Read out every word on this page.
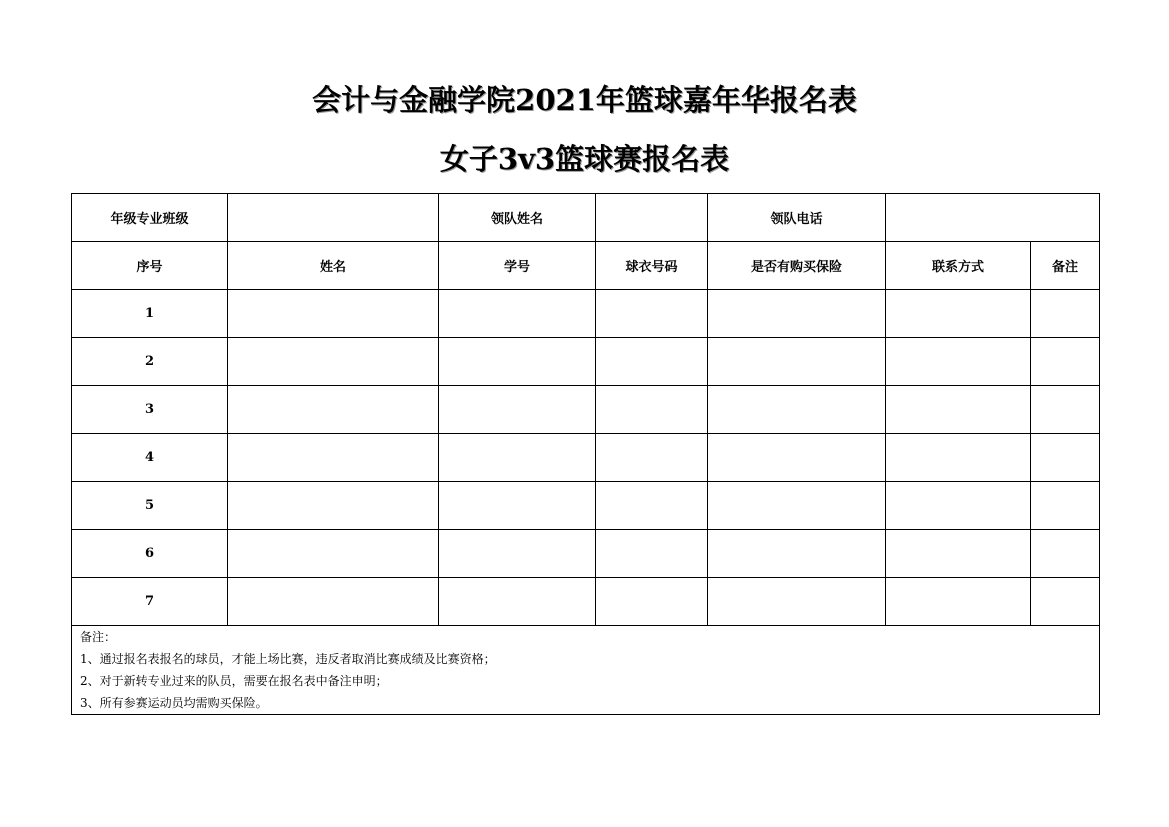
会计与金融学院2021年篮球嘉年华报名表
女子3v3篮球赛报名表
年级专业班级		领队姓名		领队电话		
序号	姓名	学号	球衣号码	是否有购买保险	联系方式	备注
1						
2						
3						
4						
5						
6						
7						

备注：
1、通过报名表报名的球员，才能上场比赛，违反者取消比赛成绩及比赛资格；
2、对于新转专业过来的队员，需要在报名表中备注申明；
3、所有参赛运动员均需购买保险。						
